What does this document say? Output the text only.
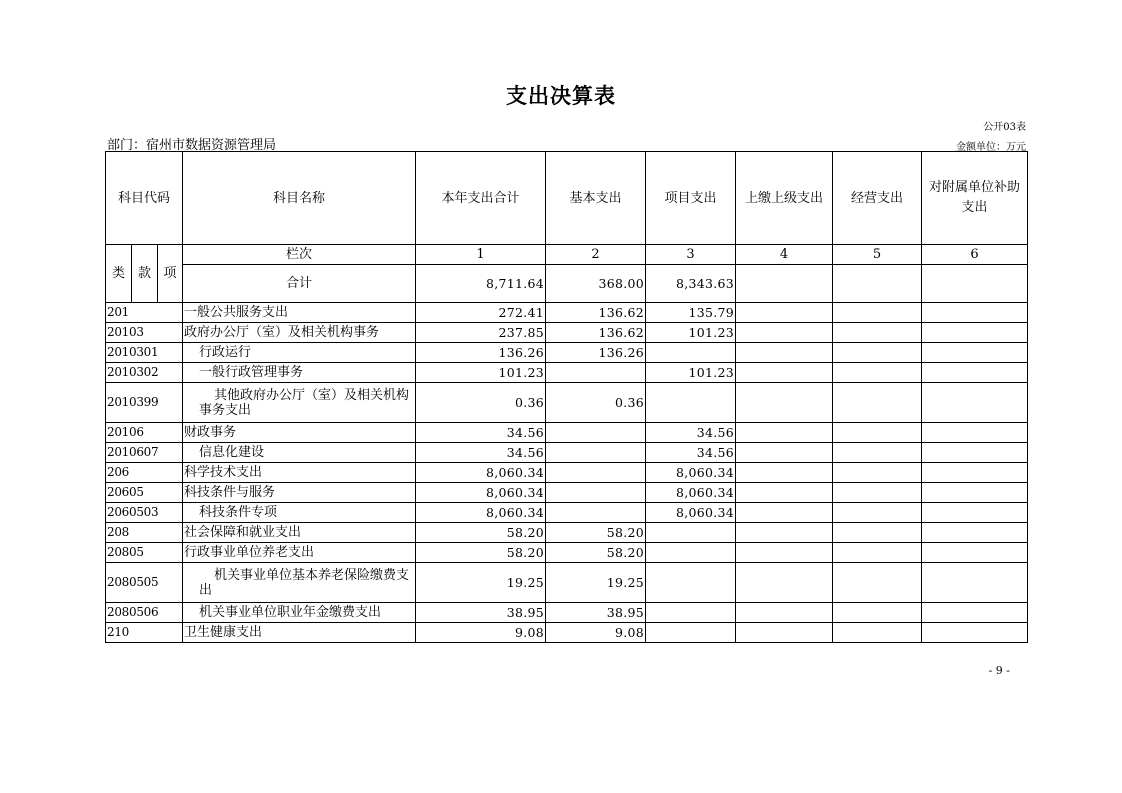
支出决算表
公开03表
部门：宿州市数据资源管理局	金额单位：万元
科目代码			科目名称	本年支出合计	基本支出	项目支出	上缴上级支出	经营支出	对附属单位补助支出
类	款	项	栏次	1	2	3	4	5	6
			合计	8,711.64	368.00	8,343.63			
201			一般公共服务支出	272.41	136.62	135.79			
20103			政府办公厅（室）及相关机构事务	237.85	136.62	101.23			
2010301			行政运行	136.26	136.26				
2010302			一般行政管理事务	101.23		101.23			
2010399			其他政府办公厅（室）及相关机构事务支出	0.36	0.36				
20106			财政事务	34.56		34.56			
2010607			信息化建设	34.56		34.56			
206			科学技术支出	8,060.34		8,060.34			
20605			科技条件与服务	8,060.34		8,060.34			
2060503			科技条件专项	8,060.34		8,060.34			
208			社会保障和就业支出	58.20	58.20				
20805			行政事业单位养老支出	58.20	58.20				
2080505			机关事业单位基本养老保险缴费支出	19.25	19.25				
2080506			机关事业单位职业年金缴费支出	38.95	38.95				
210			卫生健康支出	9.08	9.08				
- 9 -
